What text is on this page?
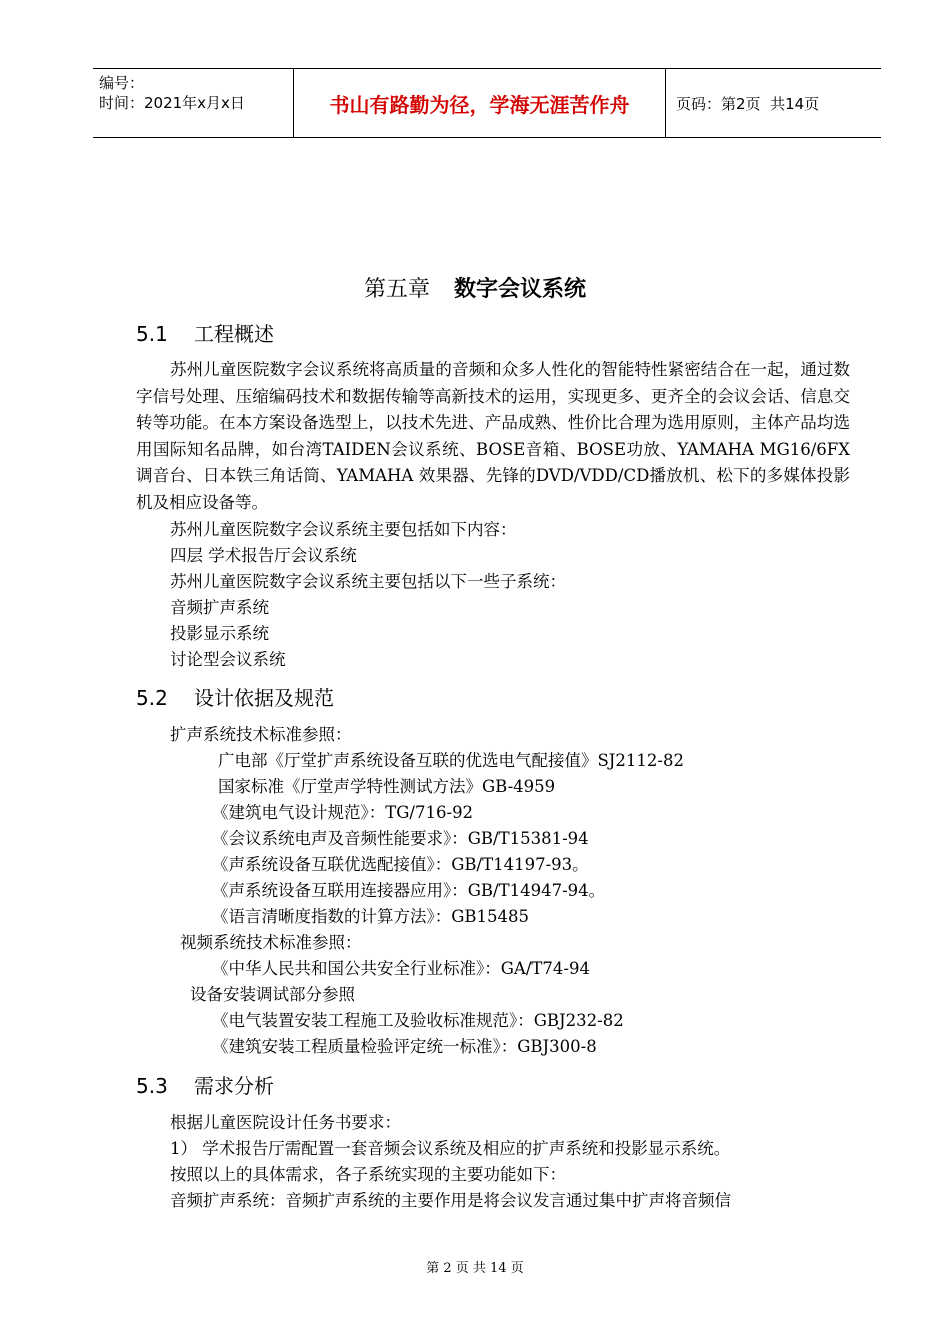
编号：
时间：2021年x月x日	书山有路勤为径，学海无涯苦作舟	页码：第2页  共14页
第五章 数字会议系统
5.1 工程概述
苏州儿童医院数字会议系统将高质量的音频和众多人性化的智能特性紧密结合在一起，通过数字信号处理、压缩编码技术和数据传输等高新技术的运用，实现更多、更齐全的会议会话、信息交转等功能。在本方案设备选型上，以技术先进、产品成熟、性价比合理为选用原则，主体产品均选用国际知名品牌，如台湾TAIDEN会议系统、BOSE音箱、BOSE功放、YAMAHA MG16/6FX调音台、日本铁三角话筒、YAMAHA 效果器、先锋的DVD/VDD/CD播放机、松下的多媒体投影机及相应设备等。
苏州儿童医院数字会议系统主要包括如下内容：
四层 学术报告厅会议系统
苏州儿童医院数字会议系统主要包括以下一些子系统：
音频扩声系统
投影显示系统
讨论型会议系统
5.2 设计依据及规范
扩声系统技术标准参照：
广电部《厅堂扩声系统设备互联的优选电气配接值》SJ2112-82
国家标准《厅堂声学特性测试方法》GB-4959
《建筑电气设计规范》：TG/716-92
《会议系统电声及音频性能要求》：GB/T15381-94
《声系统设备互联优选配接值》：GB/T14197-93。
《声系统设备互联用连接器应用》：GB/T14947-94。
《语言清晰度指数的计算方法》：GB15485
视频系统技术标准参照：
《中华人民共和国公共安全行业标准》：GA/T74-94
设备安装调试部分参照
《电气装置安装工程施工及验收标准规范》：GBJ232-82
《建筑安装工程质量检验评定统一标准》：GBJ300-8
5.3 需求分析
根据儿童医院设计任务书要求：
1） 学术报告厅需配置一套音频会议系统及相应的扩声系统和投影显示系统。
按照以上的具体需求，各子系统实现的主要功能如下：
音频扩声系统：音频扩声系统的主要作用是将会议发言通过集中扩声将音频信
第 2 页 共 14 页
